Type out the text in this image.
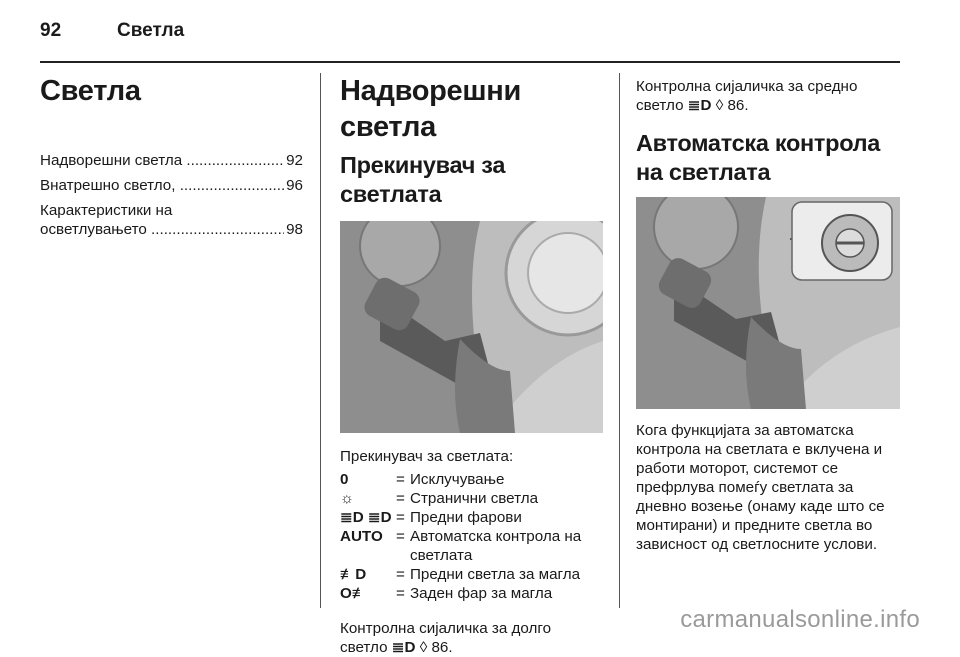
92	Светла
Светла
Надворешни светла .....	92
Внатрешно светло, .....	96

Карактеристики на

осветлувањето .....	98
Надворешни светла
Прекинувач за светлата

Прекинувач за светлата:

0	= Исклучување
☼	= Странични светла
≣D ≣D = Предни фарови
AUTO = Автоматска контрола на светлата
≢D	= Предни светла за магла
O≢	= Заден фар за магла

Контролна сијаличка за долго

светло ≣D ◊ 86.

Контролна сијаличка за средно

светло ≣D ◊ 86.

Автоматска контрола на светлата

Кога функцијата за автоматска контрола на светлата е вклучена и работи моторот, системот се префрлува помеѓу светлата за дневно возење (онаму каде што се монтирани) и предните светла во зависност од светлосните услови.

carmanualsonline.info
